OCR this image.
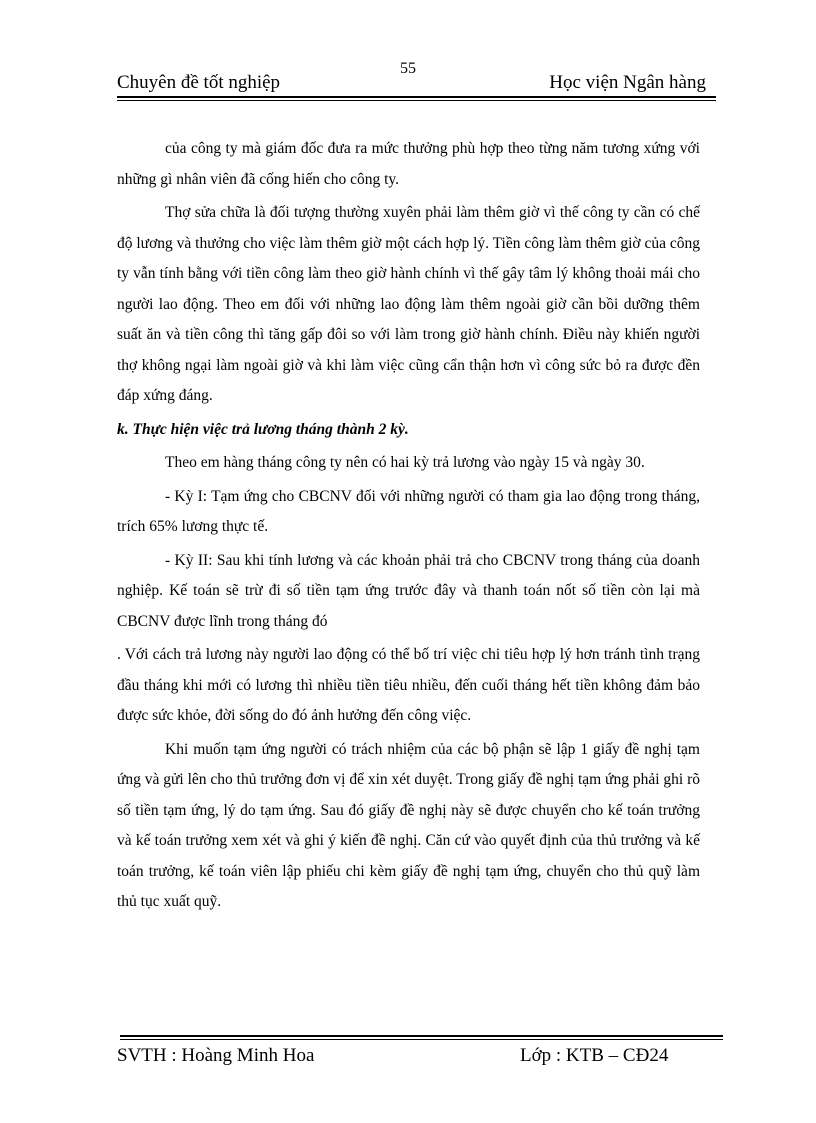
55
Chuyên đề tốt nghiệp	Học viện Ngân hàng

của công ty mà giám đốc đưa ra mức thưởng phù hợp theo từng năm tương xứng với những gì nhân viên đã cống hiến cho công ty.

Thợ sửa chữa là đối tượng thường xuyên phải làm thêm giờ vì thế công ty cần có chế độ lương và thưởng cho việc làm thêm giờ một cách hợp lý. Tiền công làm thêm giờ của công ty vẫn tính bằng với tiền công làm theo giờ hành chính vì thế gây tâm lý không thoải mái cho người lao động. Theo em đối với những lao động làm thêm ngoài giờ cần bồi dưỡng thêm suất ăn và tiền công thì tăng gấp đôi so với làm trong giờ hành chính. Điều này khiến người thợ không ngại làm ngoài giờ và khi làm việc cũng cẩn thận hơn vì công sức bỏ ra được đền đáp xứng đáng.

k. Thực hiện việc trả lương tháng thành 2 kỳ.

Theo em hàng tháng công ty nên có hai kỳ trả lương vào ngày 15 và ngày 30.

- Kỳ I: Tạm ứng cho CBCNV đối với những người có tham gia lao động trong tháng, trích 65% lương thực tế.

- Kỳ II: Sau khi tính lương và các khoản phải trả cho CBCNV trong tháng của doanh nghiệp. Kế toán sẽ trừ đi số tiền tạm ứng trước đây và thanh toán nốt số tiền còn lại mà CBCNV được lĩnh trong tháng đó

. Với cách trả lương này người lao động có thể bố trí việc chi tiêu hợp lý hơn tránh tình trạng đầu tháng khi mới có lương thì nhiều tiền tiêu nhiều, đến cuối tháng hết tiền không đảm bảo được sức khỏe, đời sống do đó ảnh hưởng đến công việc.

Khi muốn tạm ứng người có trách nhiệm của các bộ phận sẽ lập 1 giấy đề nghị tạm ứng và gửi lên cho thủ trưởng đơn vị để xin xét duyệt. Trong giấy đề nghị tạm ứng phải ghi rõ số tiền tạm ứng, lý do tạm ứng. Sau đó giấy đề nghị này sẽ được chuyển cho kế toán trưởng và kế toán trưởng xem xét và ghi ý kiến đề nghị. Căn cứ vào quyết định của thủ trưởng và kế toán trưởng, kế toán viên lập phiếu chi kèm giấy đề nghị tạm ứng, chuyển cho thủ quỹ làm thủ tục xuất quỹ.

SVTH : Hoàng Minh Hoa	Lớp : KTB – CĐ24
